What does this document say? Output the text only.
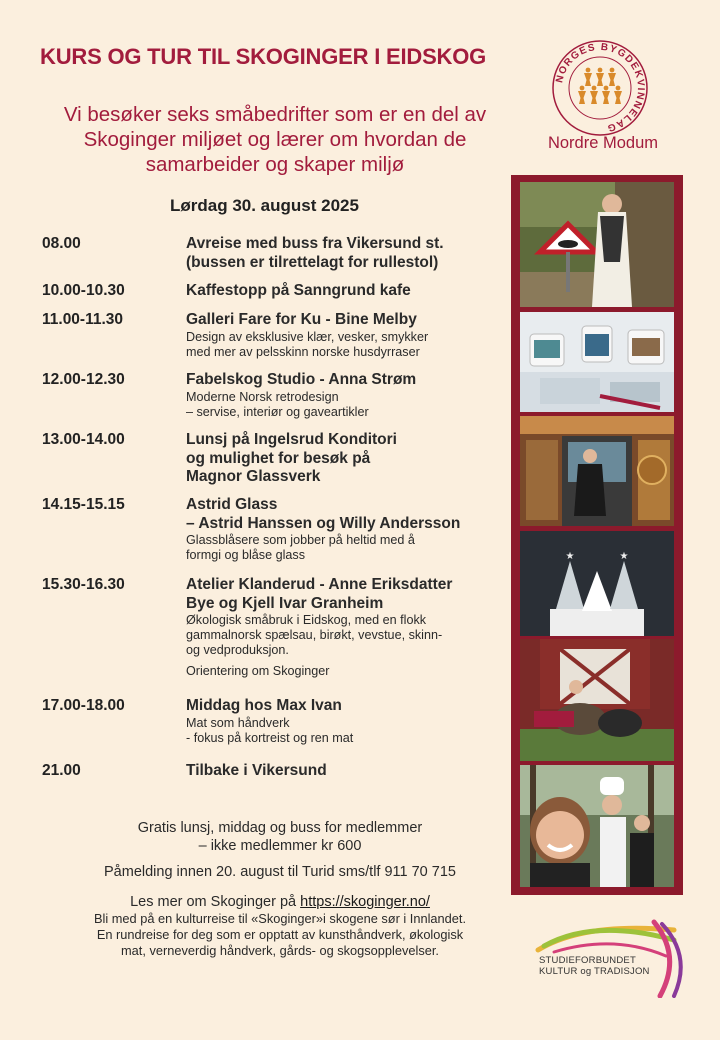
KURS OG TUR TIL SKOGINGER I EIDSKOG
Vi besøker seks småbedrifter som er en del av
Skoginger miljøet og lærer om hvordan de
samarbeider og skaper miljø
Lørdag 30. august 2025
NORGES BYGDEKVINNELAG
Nordre Modum
08.00	Avreise med buss fra Vikersund st.
(bussen er tilrettelagt for rullestol)
10.00-10.30	Kaffestopp på Sanngrund kafe
11.00-11.30	Galleri Fare for Ku - Bine Melby
Design av eksklusive klær, vesker, smykker
med mer av pelsskinn norske husdyrraser
12.00-12.30	Fabelskog Studio - Anna Strøm
Moderne Norsk retrodesign
– servise, interiør og gaveartikler
13.00-14.00	Lunsj på Ingelsrud Konditori
og mulighet for besøk på
Magnor Glassverk
14.15-15.15	Astrid Glass
– Astrid Hanssen og Willy Andersson
Glassblåsere som jobber på heltid med å
formgi og blåse glass
15.30-16.30	Atelier Klanderud - Anne Eriksdatter
Bye og Kjell Ivar Granheim
Økologisk småbruk i Eidskog, med en flokk
gammalnorsk spælsau, birøkt, vevstue, skinn-
og vedproduksjon.
Orientering om Skoginger
17.00-18.00	Middag hos Max Ivan
Mat som håndverk
- fokus på kortreist og ren mat
21.00	Tilbake i Vikersund
Gratis lunsj, middag og buss for medlemmer
– ikke medlemmer kr 600
Påmelding innen 20. august til Turid sms/tlf 911 70 715
Les mer om Skoginger på https://skoginger.no/
Bli med på en kulturreise til «Skoginger»i skogene sør i Innlandet.
En rundreise for deg som er opptatt av kunsthåndverk, økologisk
mat, verneverdig håndverk, gårds- og skogsopplevelser.
★	★
STUDIEFORBUNDET
KULTUR og TRADISJON
